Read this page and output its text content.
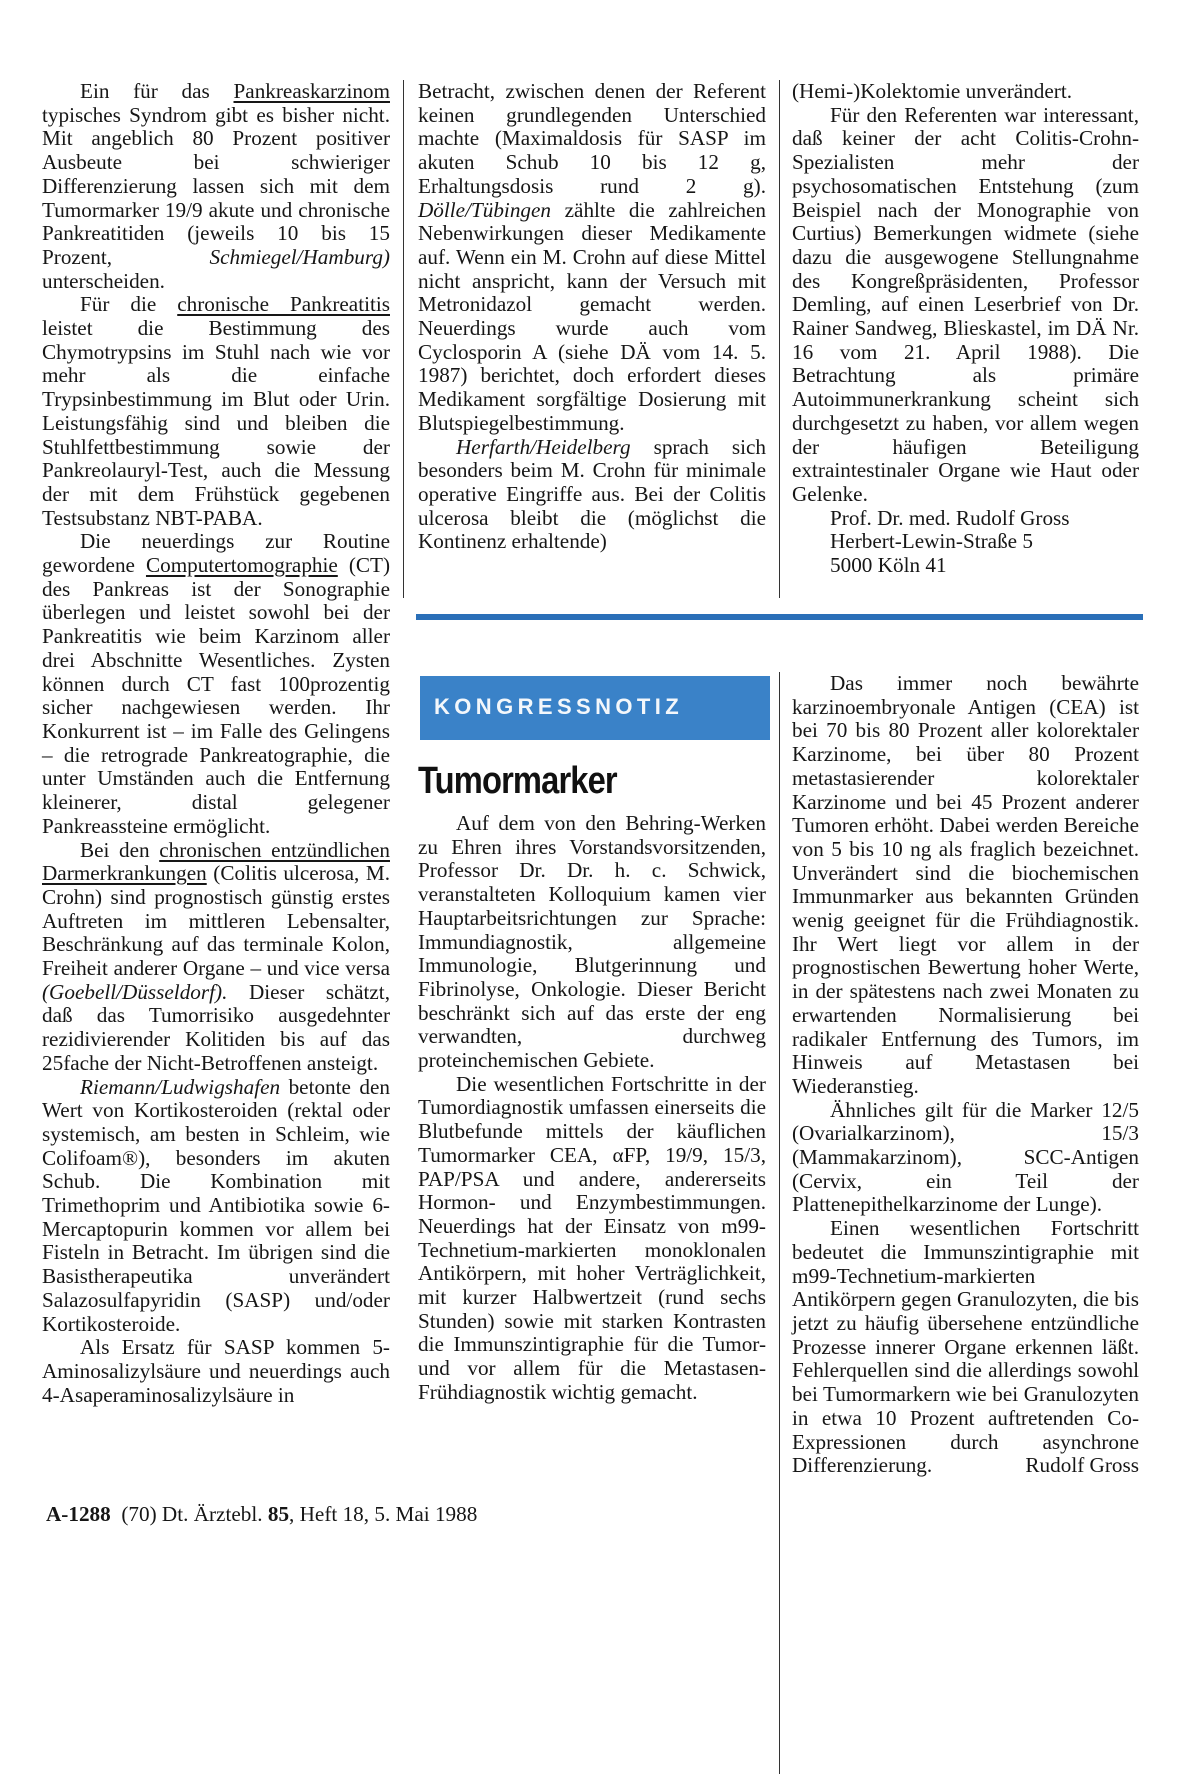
Ein für das Pankreaskarzinom typisches Syndrom gibt es bisher nicht. Mit angeblich 80 Prozent positiver Ausbeute bei schwieriger Differenzierung lassen sich mit dem Tumormarker 19/9 akute und chronische Pankreatitiden (jeweils 10 bis 15 Prozent, Schmiegel/Hamburg) unterscheiden.

Für die chronische Pankreatitis leistet die Bestimmung des Chymotrypsins im Stuhl nach wie vor mehr als die einfache Trypsinbestimmung im Blut oder Urin. Leistungsfähig sind und bleiben die Stuhlfettbestimmung sowie der Pankreolauryl-Test, auch die Messung der mit dem Frühstück gegebenen Testsubstanz NBT-PABA.

Die neuerdings zur Routine gewordene Computertomographie (CT) des Pankreas ist der Sonographie überlegen und leistet sowohl bei der Pankreatitis wie beim Karzinom aller drei Abschnitte Wesentliches. Zysten können durch CT fast 100prozentig sicher nachgewiesen werden. Ihr Konkurrent ist – im Falle des Gelingens – die retrograde Pankreatographie, die unter Umständen auch die Entfernung kleinerer, distal gelegener Pankreassteine ermöglicht.

Bei den chronischen entzündlichen Darmerkrankungen (Colitis ulcerosa, M. Crohn) sind prognostisch günstig erstes Auftreten im mittleren Lebensalter, Beschränkung auf das terminale Kolon, Freiheit anderer Organe – und vice versa (Goebell/Düsseldorf). Dieser schätzt, daß das Tumorrisiko ausgedehnter rezidivierender Kolitiden bis auf das 25fache der Nicht-Betroffenen ansteigt.

Riemann/Ludwigshafen betonte den Wert von Kortikosteroiden (rektal oder systemisch, am besten in Schleim, wie Colifoam®), besonders im akuten Schub. Die Kombination mit Trimethoprim und Antibiotika sowie 6-Mercaptopurin kommen vor allem bei Fisteln in Betracht. Im übrigen sind die Basistherapeutika unverändert Salazosulfapyridin (SASP) und/oder Kortikosteroide.

Als Ersatz für SASP kommen 5-Aminosalizylsäure und neuerdings auch 4-Asaperaminosalizylsäure in

Betracht, zwischen denen der Referent keinen grundlegenden Unterschied machte (Maximaldosis für SASP im akuten Schub 10 bis 12 g, Erhaltungsdosis rund 2 g). Dölle/Tübingen zählte die zahlreichen Nebenwirkungen dieser Medikamente auf. Wenn ein M. Crohn auf diese Mittel nicht anspricht, kann der Versuch mit Metronidazol gemacht werden. Neuerdings wurde auch vom Cyclosporin A (siehe DÄ vom 14. 5. 1987) berichtet, doch erfordert dieses Medikament sorgfältige Dosierung mit Blutspiegelbestimmung.

Herfarth/Heidelberg sprach sich besonders beim M. Crohn für minimale operative Eingriffe aus. Bei der Colitis ulcerosa bleibt die (möglichst die Kontinenz erhaltende)

(Hemi-)Kolektomie unverändert.

Für den Referenten war interessant, daß keiner der acht Colitis-Crohn-Spezialisten mehr der psychosomatischen Entstehung (zum Beispiel nach der Monographie von Curtius) Bemerkungen widmete (siehe dazu die ausgewogene Stellungnahme des Kongreßpräsidenten, Professor Demling, auf einen Leserbrief von Dr. Rainer Sandweg, Blieskastel, im DÄ Nr. 16 vom 21. April 1988). Die Betrachtung als primäre Autoimmunerkrankung scheint sich durchgesetzt zu haben, vor allem wegen der häufigen Beteiligung extraintestinaler Organe wie Haut oder Gelenke.

Prof. Dr. med. Rudolf Gross

Herbert-Lewin-Straße 5

5000 Köln 41

KONGRESSNOTIZ
Tumormarker

Auf dem von den Behring-Werken zu Ehren ihres Vorstandsvorsitzenden, Professor Dr. Dr. h. c. Schwick, veranstalteten Kolloquium kamen vier Hauptarbeitsrichtungen zur Sprache: Immundiagnostik, allgemeine Immunologie, Blutgerinnung und Fibrinolyse, Onkologie. Dieser Bericht beschränkt sich auf das erste der eng verwandten, durchweg proteinchemischen Gebiete.

Die wesentlichen Fortschritte in der Tumordiagnostik umfassen einerseits die Blutbefunde mittels der käuflichen Tumormarker CEA, αFP, 19/9, 15/3, PAP/PSA und andere, andererseits Hormon- und Enzymbestimmungen. Neuerdings hat der Einsatz von m99-Technetium-markierten monoklonalen Antikörpern, mit hoher Verträglichkeit, mit kurzer Halbwertzeit (rund sechs Stunden) sowie mit starken Kontrasten die Immunszintigraphie für die Tumor- und vor allem für die Metastasen-Frühdiagnostik wichtig gemacht.

Das immer noch bewährte karzinoembryonale Antigen (CEA) ist bei 70 bis 80 Prozent aller kolorektaler Karzinome, bei über 80 Prozent metastasierender kolorektaler Karzinome und bei 45 Prozent anderer Tumoren erhöht. Dabei werden Bereiche von 5 bis 10 ng als fraglich bezeichnet. Unverändert sind die biochemischen Immunmarker aus bekannten Gründen wenig geeignet für die Frühdiagnostik. Ihr Wert liegt vor allem in der prognostischen Bewertung hoher Werte, in der spätestens nach zwei Monaten zu erwartenden Normalisierung bei radikaler Entfernung des Tumors, im Hinweis auf Metastasen bei Wiederanstieg.

Ähnliches gilt für die Marker 12/5 (Ovarialkarzinom), 15/3 (Mammakarzinom), SCC-Antigen (Cervix, ein Teil der Plattenepithelkarzinome der Lunge).

Einen wesentlichen Fortschritt bedeutet die Immunszintigraphie mit m99-Technetium-markierten Antikörpern gegen Granulozyten, die bis jetzt zu häufig übersehene entzündliche Prozesse innerer Organe erkennen läßt. Fehlerquellen sind die allerdings sowohl bei Tumormarkern wie bei Granulozyten in etwa 10 Prozent auftretenden Co-Expressionen durch asynchrone Differenzierung.	Rudolf Gross

A-1288 (70) Dt. Ärztebl. 85, Heft 18, 5. Mai 1988
